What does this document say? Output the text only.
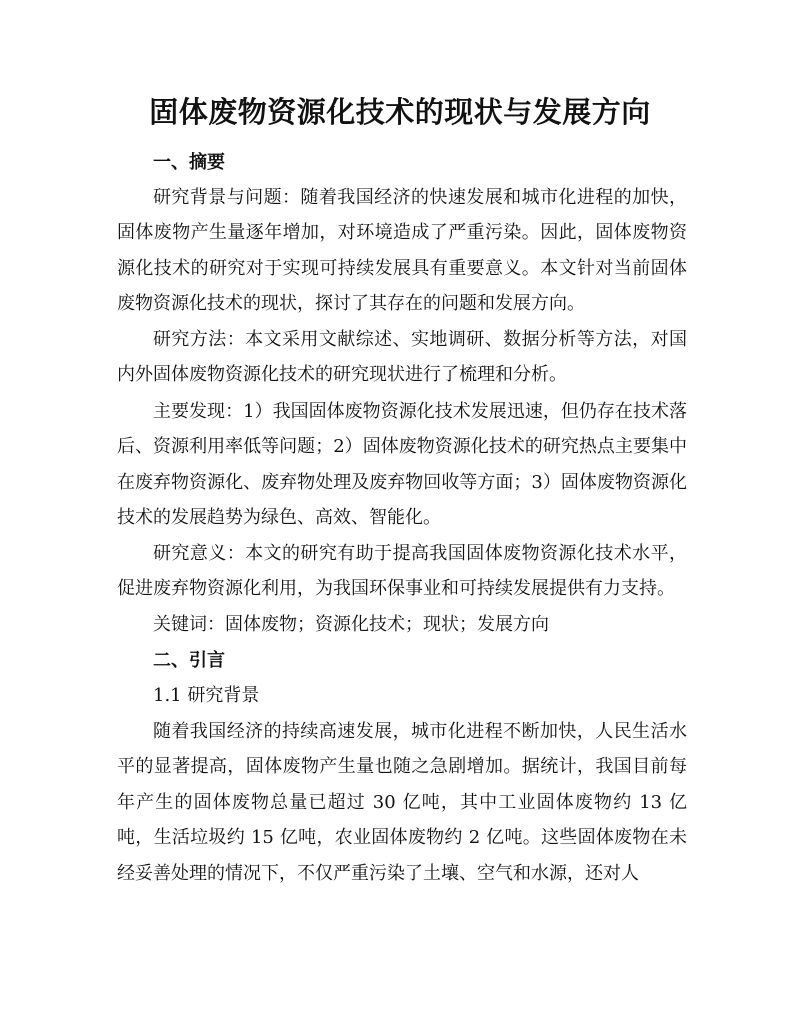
固体废物资源化技术的现状与发展方向

一、摘要

研究背景与问题：随着我国经济的快速发展和城市化进程的加快，固体废物产生量逐年增加，对环境造成了严重污染。因此，固体废物资源化技术的研究对于实现可持续发展具有重要意义。本文针对当前固体废物资源化技术的现状，探讨了其存在的问题和发展方向。

研究方法：本文采用文献综述、实地调研、数据分析等方法，对国内外固体废物资源化技术的研究现状进行了梳理和分析。

主要发现：1）我国固体废物资源化技术发展迅速，但仍存在技术落后、资源利用率低等问题；2）固体废物资源化技术的研究热点主要集中在废弃物资源化、废弃物处理及废弃物回收等方面；3）固体废物资源化技术的发展趋势为绿色、高效、智能化。

研究意义：本文的研究有助于提高我国固体废物资源化技术水平，促进废弃物资源化利用，为我国环保事业和可持续发展提供有力支持。

关键词：固体废物；资源化技术；现状；发展方向

二、引言

1.1 研究背景

随着我国经济的持续高速发展，城市化进程不断加快，人民生活水平的显著提高，固体废物产生量也随之急剧增加。据统计，我国目前每年产生的固体废物总量已超过 30 亿吨，其中工业固体废物约 13 亿吨，生活垃圾约 15 亿吨，农业固体废物约 2 亿吨。这些固体废物在未经妥善处理的情况下，不仅严重污染了土壤、空气和水源，还对人
